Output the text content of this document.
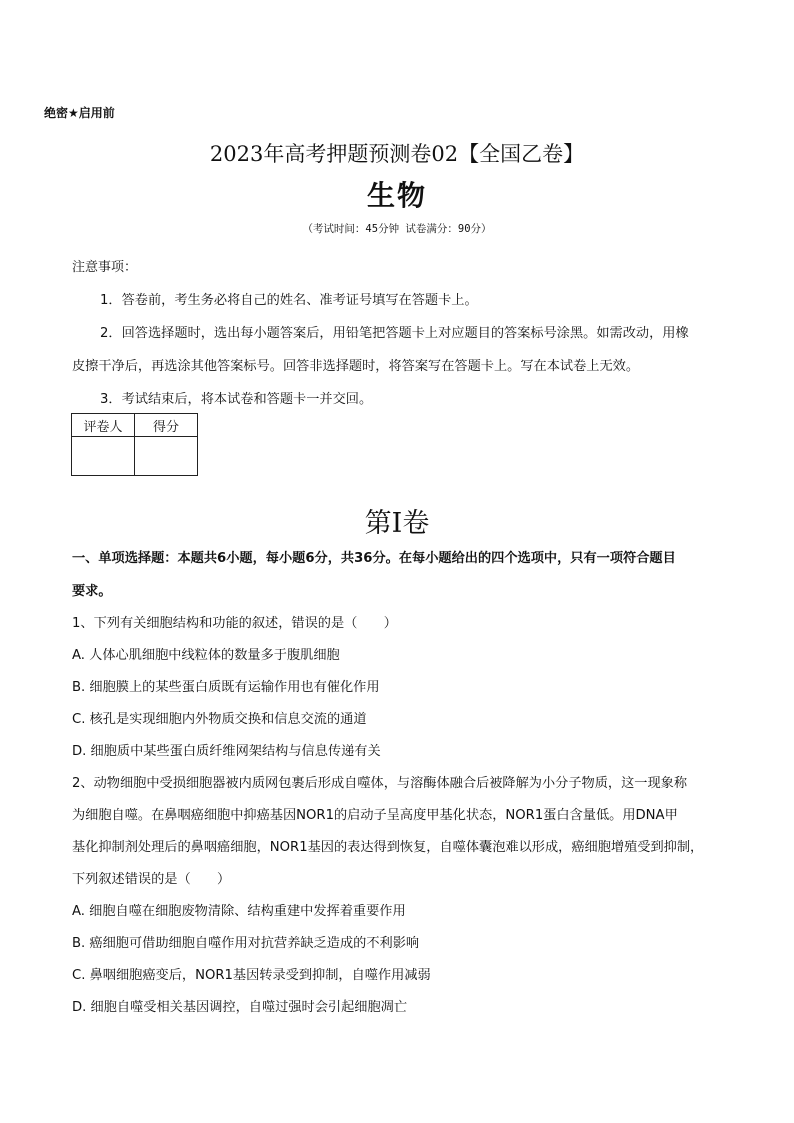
绝密★启用前
2023年高考押题预测卷02【全国乙卷】
生物
（考试时间：45分钟 试卷满分：90分）
注意事项：
1．答卷前，考生务必将自己的姓名、准考证号填写在答题卡上。
2．回答选择题时，选出每小题答案后，用铅笔把答题卡上对应题目的答案标号涂黑。如需改动，用橡
皮擦干净后，再选涂其他答案标号。回答非选择题时，将答案写在答题卡上。写在本试卷上无效。
3．考试结束后，将本试卷和答题卡一并交回。
评卷人	得分

第I卷
一、单项选择题：本题共6小题，每小题6分，共36分。在每小题给出的四个选项中，只有一项符合题目
要求。
1、下列有关细胞结构和功能的叙述，错误的是（　　）
A. 人体心肌细胞中线粒体的数量多于腹肌细胞
B. 细胞膜上的某些蛋白质既有运输作用也有催化作用
C. 核孔是实现细胞内外物质交换和信息交流的通道
D. 细胞质中某些蛋白质纤维网架结构与信息传递有关
2、动物细胞中受损细胞器被内质网包裹后形成自噬体，与溶酶体融合后被降解为小分子物质，这一现象称
为细胞自噬。在鼻咽癌细胞中抑癌基因NOR1的启动子呈高度甲基化状态，NOR1蛋白含量低。用DNA甲
基化抑制剂处理后的鼻咽癌细胞，NOR1基因的表达得到恢复，自噬体囊泡难以形成，癌细胞增殖受到抑制，
下列叙述错误的是（　　）
A. 细胞自噬在细胞废物清除、结构重建中发挥着重要作用
B. 癌细胞可借助细胞自噬作用对抗营养缺乏造成的不利影响
C. 鼻咽细胞癌变后，NOR1基因转录受到抑制，自噬作用减弱
D. 细胞自噬受相关基因调控，自噬过强时会引起细胞凋亡
